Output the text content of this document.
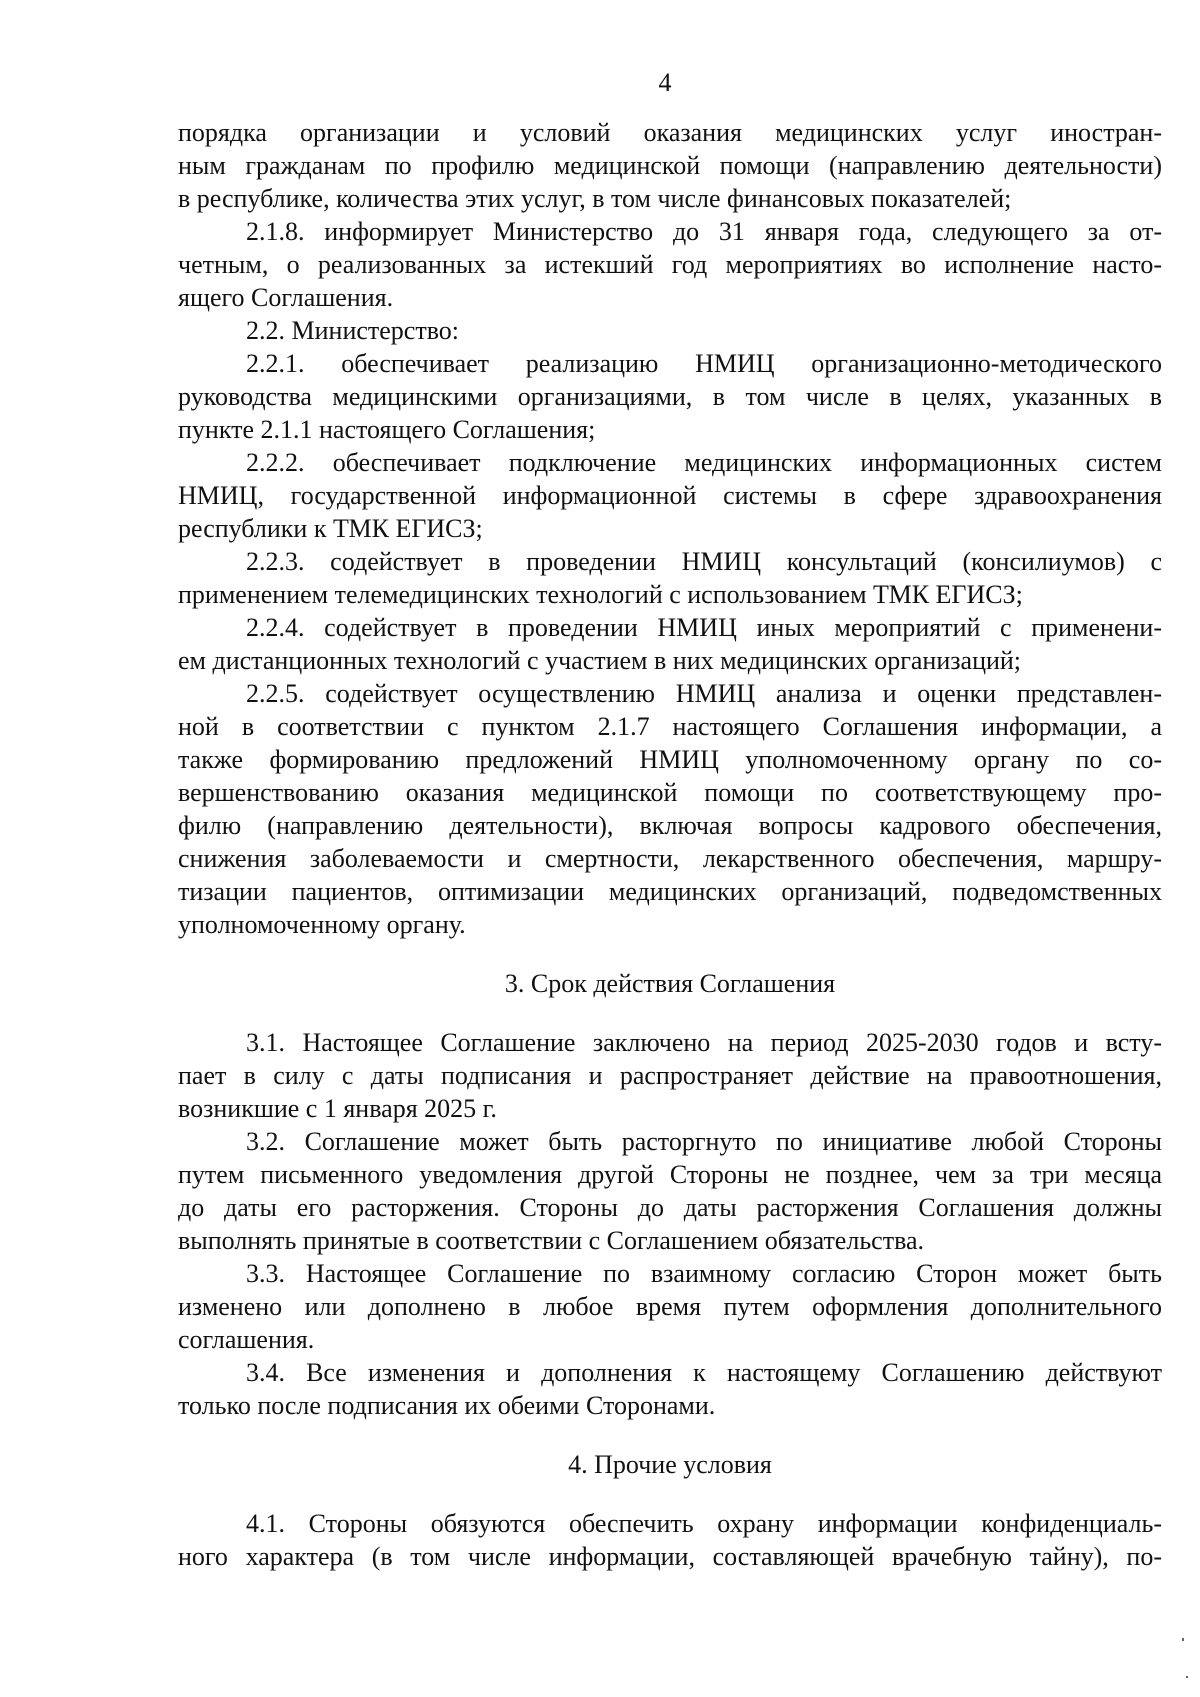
4
порядка организации и условий оказания медицинских услуг иностран-
ным гражданам по профилю медицинской помощи (направлению деятельности)
в республике, количества этих услуг, в том числе финансовых показателей;
2.1.8. информирует Министерство до 31 января года, следующего за от-
четным, о реализованных за истекший год мероприятиях во исполнение насто-
ящего Соглашения.
2.2. Министерство:
2.2.1. обеспечивает реализацию НМИЦ организационно-методического
руководства медицинскими организациями, в том числе в целях, указанных в
пункте 2.1.1 настоящего Соглашения;
2.2.2. обеспечивает подключение медицинских информационных систем
НМИЦ, государственной информационной системы в сфере здравоохранения
республики к ТМК ЕГИСЗ;
2.2.3. содействует в проведении НМИЦ консультаций (консилиумов) с
применением телемедицинских технологий с использованием ТМК ЕГИСЗ;
2.2.4. содействует в проведении НМИЦ иных мероприятий с применени-
ем дистанционных технологий с участием в них медицинских организаций;
2.2.5. содействует осуществлению НМИЦ анализа и оценки представлен-
ной в соответствии с пунктом 2.1.7 настоящего Соглашения информации, а
также формированию предложений НМИЦ уполномоченному органу по со-
вершенствованию оказания медицинской помощи по соответствующему про-
филю (направлению деятельности), включая вопросы кадрового обеспечения,
снижения заболеваемости и смертности, лекарственного обеспечения, маршру-
тизации пациентов, оптимизации медицинских организаций, подведомственных
уполномоченному органу.
3. Срок действия Соглашения
3.1. Настоящее Соглашение заключено на период 2025-2030 годов и всту-
пает в силу с даты подписания и распространяет действие на правоотношения,
возникшие с 1 января 2025 г.
3.2. Соглашение может быть расторгнуто по инициативе любой Стороны
путем письменного уведомления другой Стороны не позднее, чем за три месяца
до даты его расторжения. Стороны до даты расторжения Соглашения должны
выполнять принятые в соответствии с Соглашением обязательства.
3.3. Настоящее Соглашение по взаимному согласию Сторон может быть
изменено или дополнено в любое время путем оформления дополнительного
соглашения.
3.4. Все изменения и дополнения к настоящему Соглашению действуют
только после подписания их обеими Сторонами.
4. Прочие условия
4.1. Стороны обязуются обеспечить охрану информации конфиденциаль-
ного характера (в том числе информации, составляющей врачебную тайну), по-
